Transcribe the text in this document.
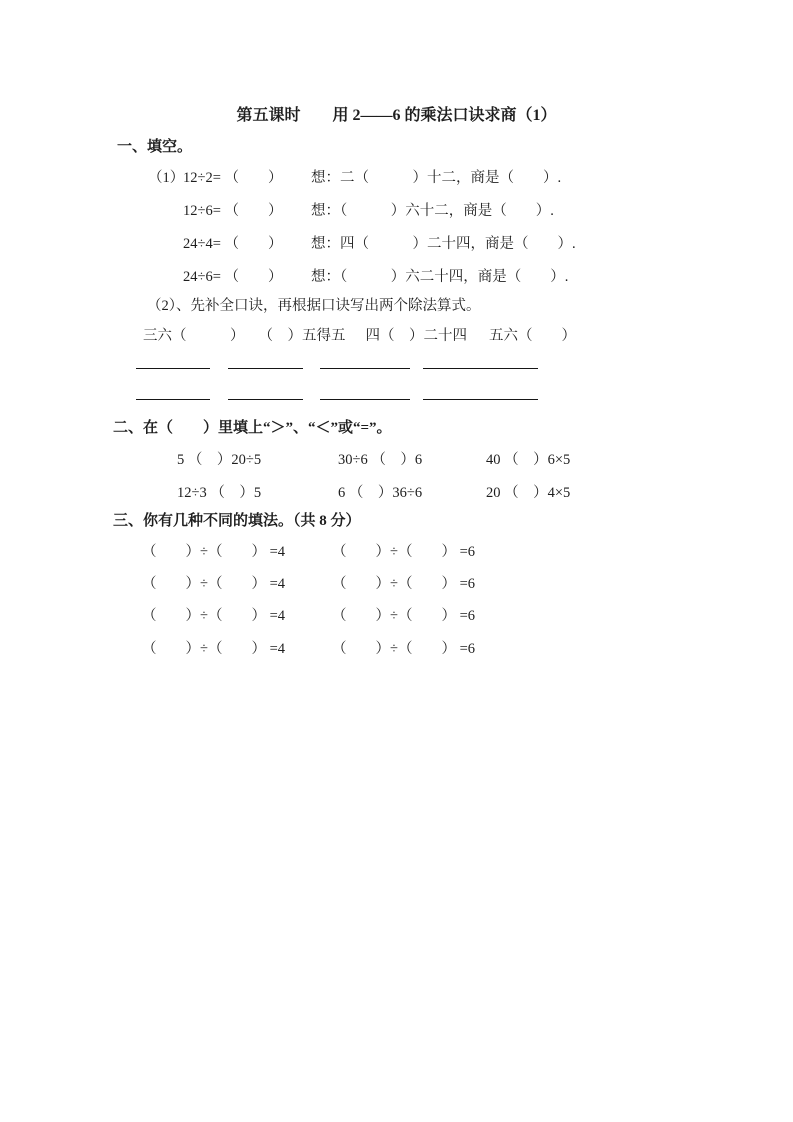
第五课时　　用 2——6 的乘法口诀求商（1）
一、填空。
（1）
12÷2= （　　）	想：二（　　　）十二，商是（　　）.
12÷6= （　　）	想：（　　　）六十二，商是（　　）.
24÷4= （　　）	想：四（　　　）二十四，商是（　　）.
24÷6= （　　）	想：（　　　）六二十四，商是（　　）.
（2）、先补全口诀，再根据口诀写出两个除法算式。
三六（　　　） （　）五得五 四（　）二十四 五六（　　）
二、在（　　）里填上“＞”、“＜”或“=”。
5 （　）20÷5	30÷6 （　）6	40 （　）6×5
12÷3 （　）5	6 （　）36÷6	20 （　）4×5
三、你有几种不同的填法。（共 8 分）
（　　）÷（　　） =4	（　　）÷（　　） =6
（　　）÷（　　） =4	（　　）÷（　　） =6
（　　）÷（　　） =4	（　　）÷（　　） =6
（　　）÷（　　） =4	（　　）÷（　　） =6
